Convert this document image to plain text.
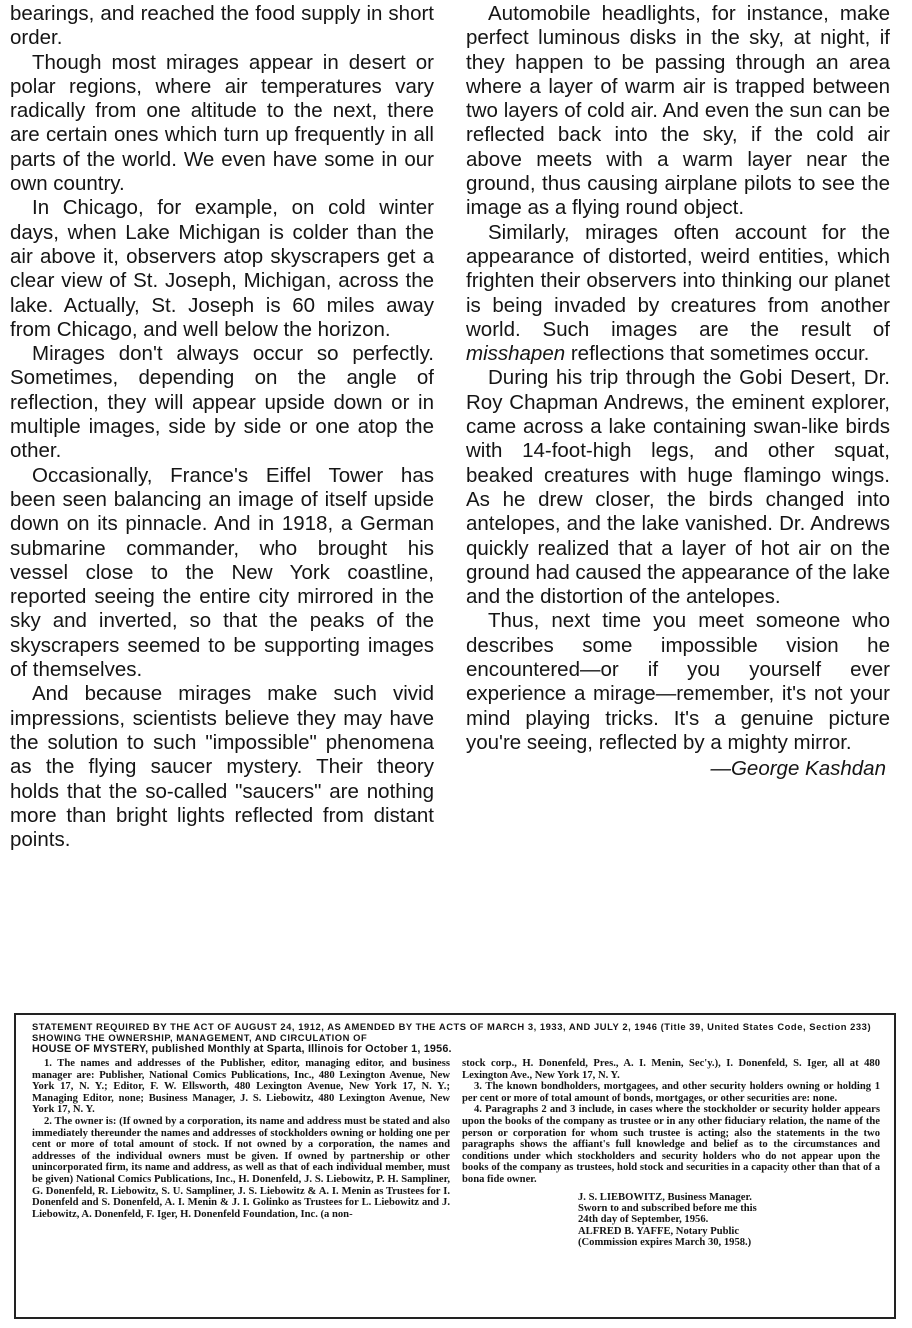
bearings, and reached the food supply in short order.

Though most mirages appear in desert or polar regions, where air temperatures vary radically from one altitude to the next, there are certain ones which turn up frequently in all parts of the world. We even have some in our own country.

In Chicago, for example, on cold winter days, when Lake Michigan is colder than the air above it, observers atop skyscrapers get a clear view of St. Joseph, Michigan, across the lake. Actually, St. Joseph is 60 miles away from Chicago, and well below the horizon.

Mirages don't always occur so perfectly. Sometimes, depending on the angle of reflection, they will appear upside down or in multiple images, side by side or one atop the other.

Occasionally, France's Eiffel Tower has been seen balancing an image of itself upside down on its pinnacle. And in 1918, a German submarine commander, who brought his vessel close to the New York coastline, reported seeing the entire city mirrored in the sky and inverted, so that the peaks of the skyscrapers seemed to be supporting images of themselves.

And because mirages make such vivid impressions, scientists believe they may have the solution to such "impossible" phenomena as the flying saucer mystery. Their theory holds that the so-called "saucers" are nothing more than bright lights reflected from distant points.

Automobile headlights, for instance, make perfect luminous disks in the sky, at night, if they happen to be passing through an area where a layer of warm air is trapped between two layers of cold air. And even the sun can be reflected back into the sky, if the cold air above meets with a warm layer near the ground, thus causing airplane pilots to see the image as a flying round object.

Similarly, mirages often account for the appearance of distorted, weird entities, which frighten their observers into thinking our planet is being invaded by creatures from another world. Such images are the result of misshapen reflections that sometimes occur.

During his trip through the Gobi Desert, Dr. Roy Chapman Andrews, the eminent explorer, came across a lake containing swan-like birds with 14-foot-high legs, and other squat, beaked creatures with huge flamingo wings. As he drew closer, the birds changed into antelopes, and the lake vanished. Dr. Andrews quickly realized that a layer of hot air on the ground had caused the appearance of the lake and the distortion of the antelopes.

Thus, next time you meet someone who describes some impossible vision he encountered—or if you yourself ever experience a mirage—remember, it's not your mind playing tricks. It's a genuine picture you're seeing, reflected by a mighty mirror.

—George Kashdan
STATEMENT REQUIRED BY THE ACT OF AUGUST 24, 1912, AS AMENDED BY THE ACTS OF MARCH 3, 1933, AND JULY 2, 1946 (Title 39, United States Code, Section 233) SHOWING THE OWNERSHIP, MANAGEMENT, AND CIRCULATION OF
HOUSE OF MYSTERY, published Monthly at Sparta, Illinois for October 1, 1956.

1. The names and addresses of the Publisher, editor, managing editor, and business manager are: Publisher, National Comics Publications, Inc., 480 Lexington Avenue, New York 17, N. Y.; Editor, F. W. Ellsworth, 480 Lexington Avenue, New York 17, N. Y.; Managing Editor, none; Business Manager, J. S. Liebowitz, 480 Lexington Avenue, New York 17, N. Y.

2. The owner is: (If owned by a corporation, its name and address must be stated and also immediately thereunder the names and addresses of stockholders owning or holding one per cent or more of total amount of stock. If not owned by a corporation, the names and addresses of the individual owners must be given. If owned by partnership or other unincorporated firm, its name and address, as well as that of each individual member, must be given) National Comics Publications, Inc., H. Donenfeld, J. S. Liebowitz, P. H. Sampliner, G. Donenfeld, R. Liebowitz, S. U. Sampliner, J. S. Liebowitz & A. I. Menin as Trustees for I. Donenfeld and S. Donenfeld, A. I. Menin & J. I. Golinko as Trustees for L. Liebowitz and J. Liebowitz, A. Donenfeld, F. Iger, H. Donenfeld Foundation, Inc. (a non-

stock corp., H. Donenfeld, Pres., A. I. Menin, Sec'y.), I. Donenfeld, S. Iger, all at 480 Lexington Ave., New York 17, N. Y.

3. The known bondholders, mortgagees, and other security holders owning or holding 1 per cent or more of total amount of bonds, mortgages, or other securities are: none.

4. Paragraphs 2 and 3 include, in cases where the stockholder or security holder appears upon the books of the company as trustee or in any other fiduciary relation, the name of the person or corporation for whom such trustee is acting; also the statements in the two paragraphs shows the affiant's full knowledge and belief as to the circumstances and conditions under which stockholders and security holders who do not appear upon the books of the company as trustees, hold stock and securities in a capacity other than that of a bona fide owner.

J. S. LIEBOWITZ, Business Manager.
Sworn to and subscribed before me this
24th day of September, 1956.
ALFRED B. YAFFE, Notary Public
(Commission expires March 30, 1958.)
